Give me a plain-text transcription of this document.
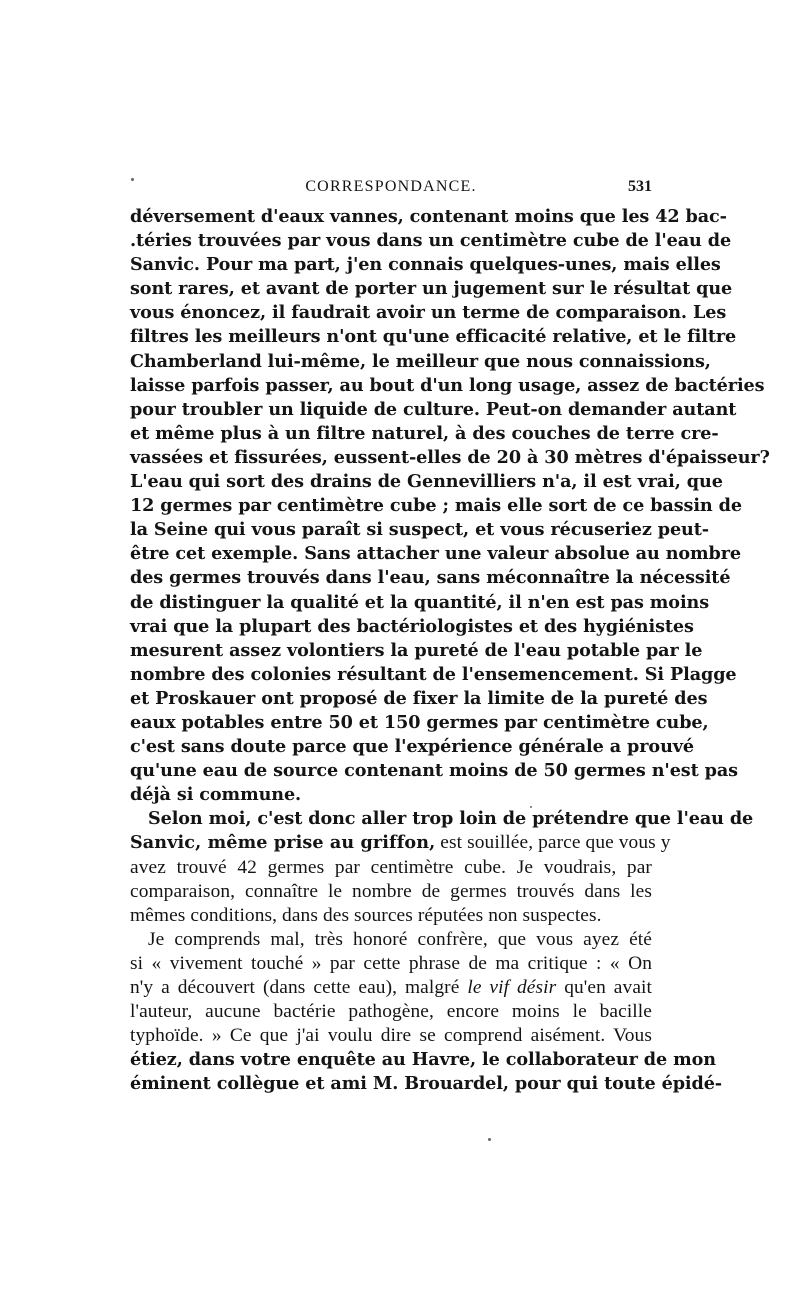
CORRESPONDANCE.	531
déversement d'eaux vannes, contenant moins que les 42 bac-
.téries trouvées par vous dans un centimètre cube de l'eau de
Sanvic. Pour ma part, j'en connais quelques-unes, mais elles
sont rares, et avant de porter un jugement sur le résultat que
vous énoncez, il faudrait avoir un terme de comparaison. Les
filtres les meilleurs n'ont qu'une efficacité relative, et le filtre
Chamberland lui-même, le meilleur que nous connaissions,
laisse parfois passer, au bout d'un long usage, assez de bactéries
pour troubler un liquide de culture. Peut-on demander autant
et même plus à un filtre naturel, à des couches de terre cre-
vassées et fissurées, eussent-elles de 20 à 30 mètres d'épaisseur?
L'eau qui sort des drains de Gennevilliers n'a, il est vrai, que
12 germes par centimètre cube ; mais elle sort de ce bassin de
la Seine qui vous paraît si suspect, et vous récuseriez peut-
être cet exemple. Sans attacher une valeur absolue au nombre
des germes trouvés dans l'eau, sans méconnaître la nécessité
de distinguer la qualité et la quantité, il n'en est pas moins
vrai que la plupart des bactériologistes et des hygiénistes
mesurent assez volontiers la pureté de l'eau potable par le
nombre des colonies résultant de l'ensemencement. Si Plagge
et Proskauer ont proposé de fixer la limite de la pureté des
eaux potables entre 50 et 150 germes par centimètre cube,
c'est sans doute parce que l'expérience générale a prouvé
qu'une eau de source contenant moins de 50 germes n'est pas
déjà si commune.
Selon moi, c'est donc aller trop loin de prétendre que l'eau de
Sanvic, même prise au griffon, est souillée, parce que vous y
avez trouvé 42 germes par centimètre cube. Je voudrais, par
comparaison, connaître le nombre de germes trouvés dans les
mêmes conditions, dans des sources réputées non suspectes.
Je comprends mal, très honoré confrère, que vous ayez été
si « vivement touché » par cette phrase de ma critique : « On
n'y a découvert (dans cette eau), malgré le vif désir qu'en avait
l'auteur, aucune bactérie pathogène, encore moins le bacille
typhoïde. » Ce que j'ai voulu dire se comprend aisément. Vous
étiez, dans votre enquête au Havre, le collaborateur de mon
éminent collègue et ami M. Brouardel, pour qui toute épidé-
